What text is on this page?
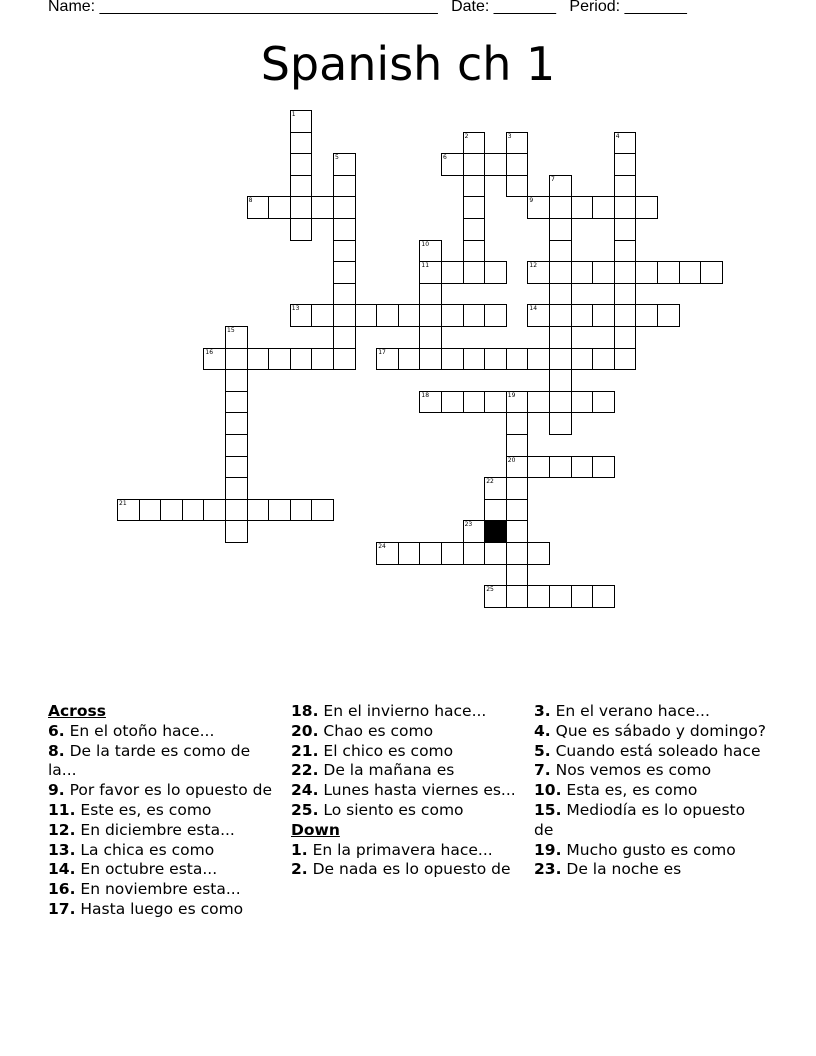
Name: ______________________________________ Date: _______ Period: _______
Spanish ch 1
6
8	9
11	12
13	14
16	17
18
20
21
24
25
1
2	3	4
5
7
10
15
19
22
23
Across
6. En el otoño hace...
8. De la tarde es como de la...
9. Por favor es lo opuesto de
11. Este es, es como
12. En diciembre esta...
13. La chica es como
14. En octubre esta...
16. En noviembre esta...
17. Hasta luego es como
18. En el invierno hace...
20. Chao es como
21. El chico es como
22. De la mañana es
24. Lunes hasta viernes es...
25. Lo siento es como
Down
1. En la primavera hace...
2. De nada es lo opuesto de
3. En el verano hace...
4. Que es sábado y domingo?
5. Cuando está soleado hace
7. Nos vemos es como
10. Esta es, es como
15. Mediodía es lo opuesto de
19. Mucho gusto es como
23. De la noche es
